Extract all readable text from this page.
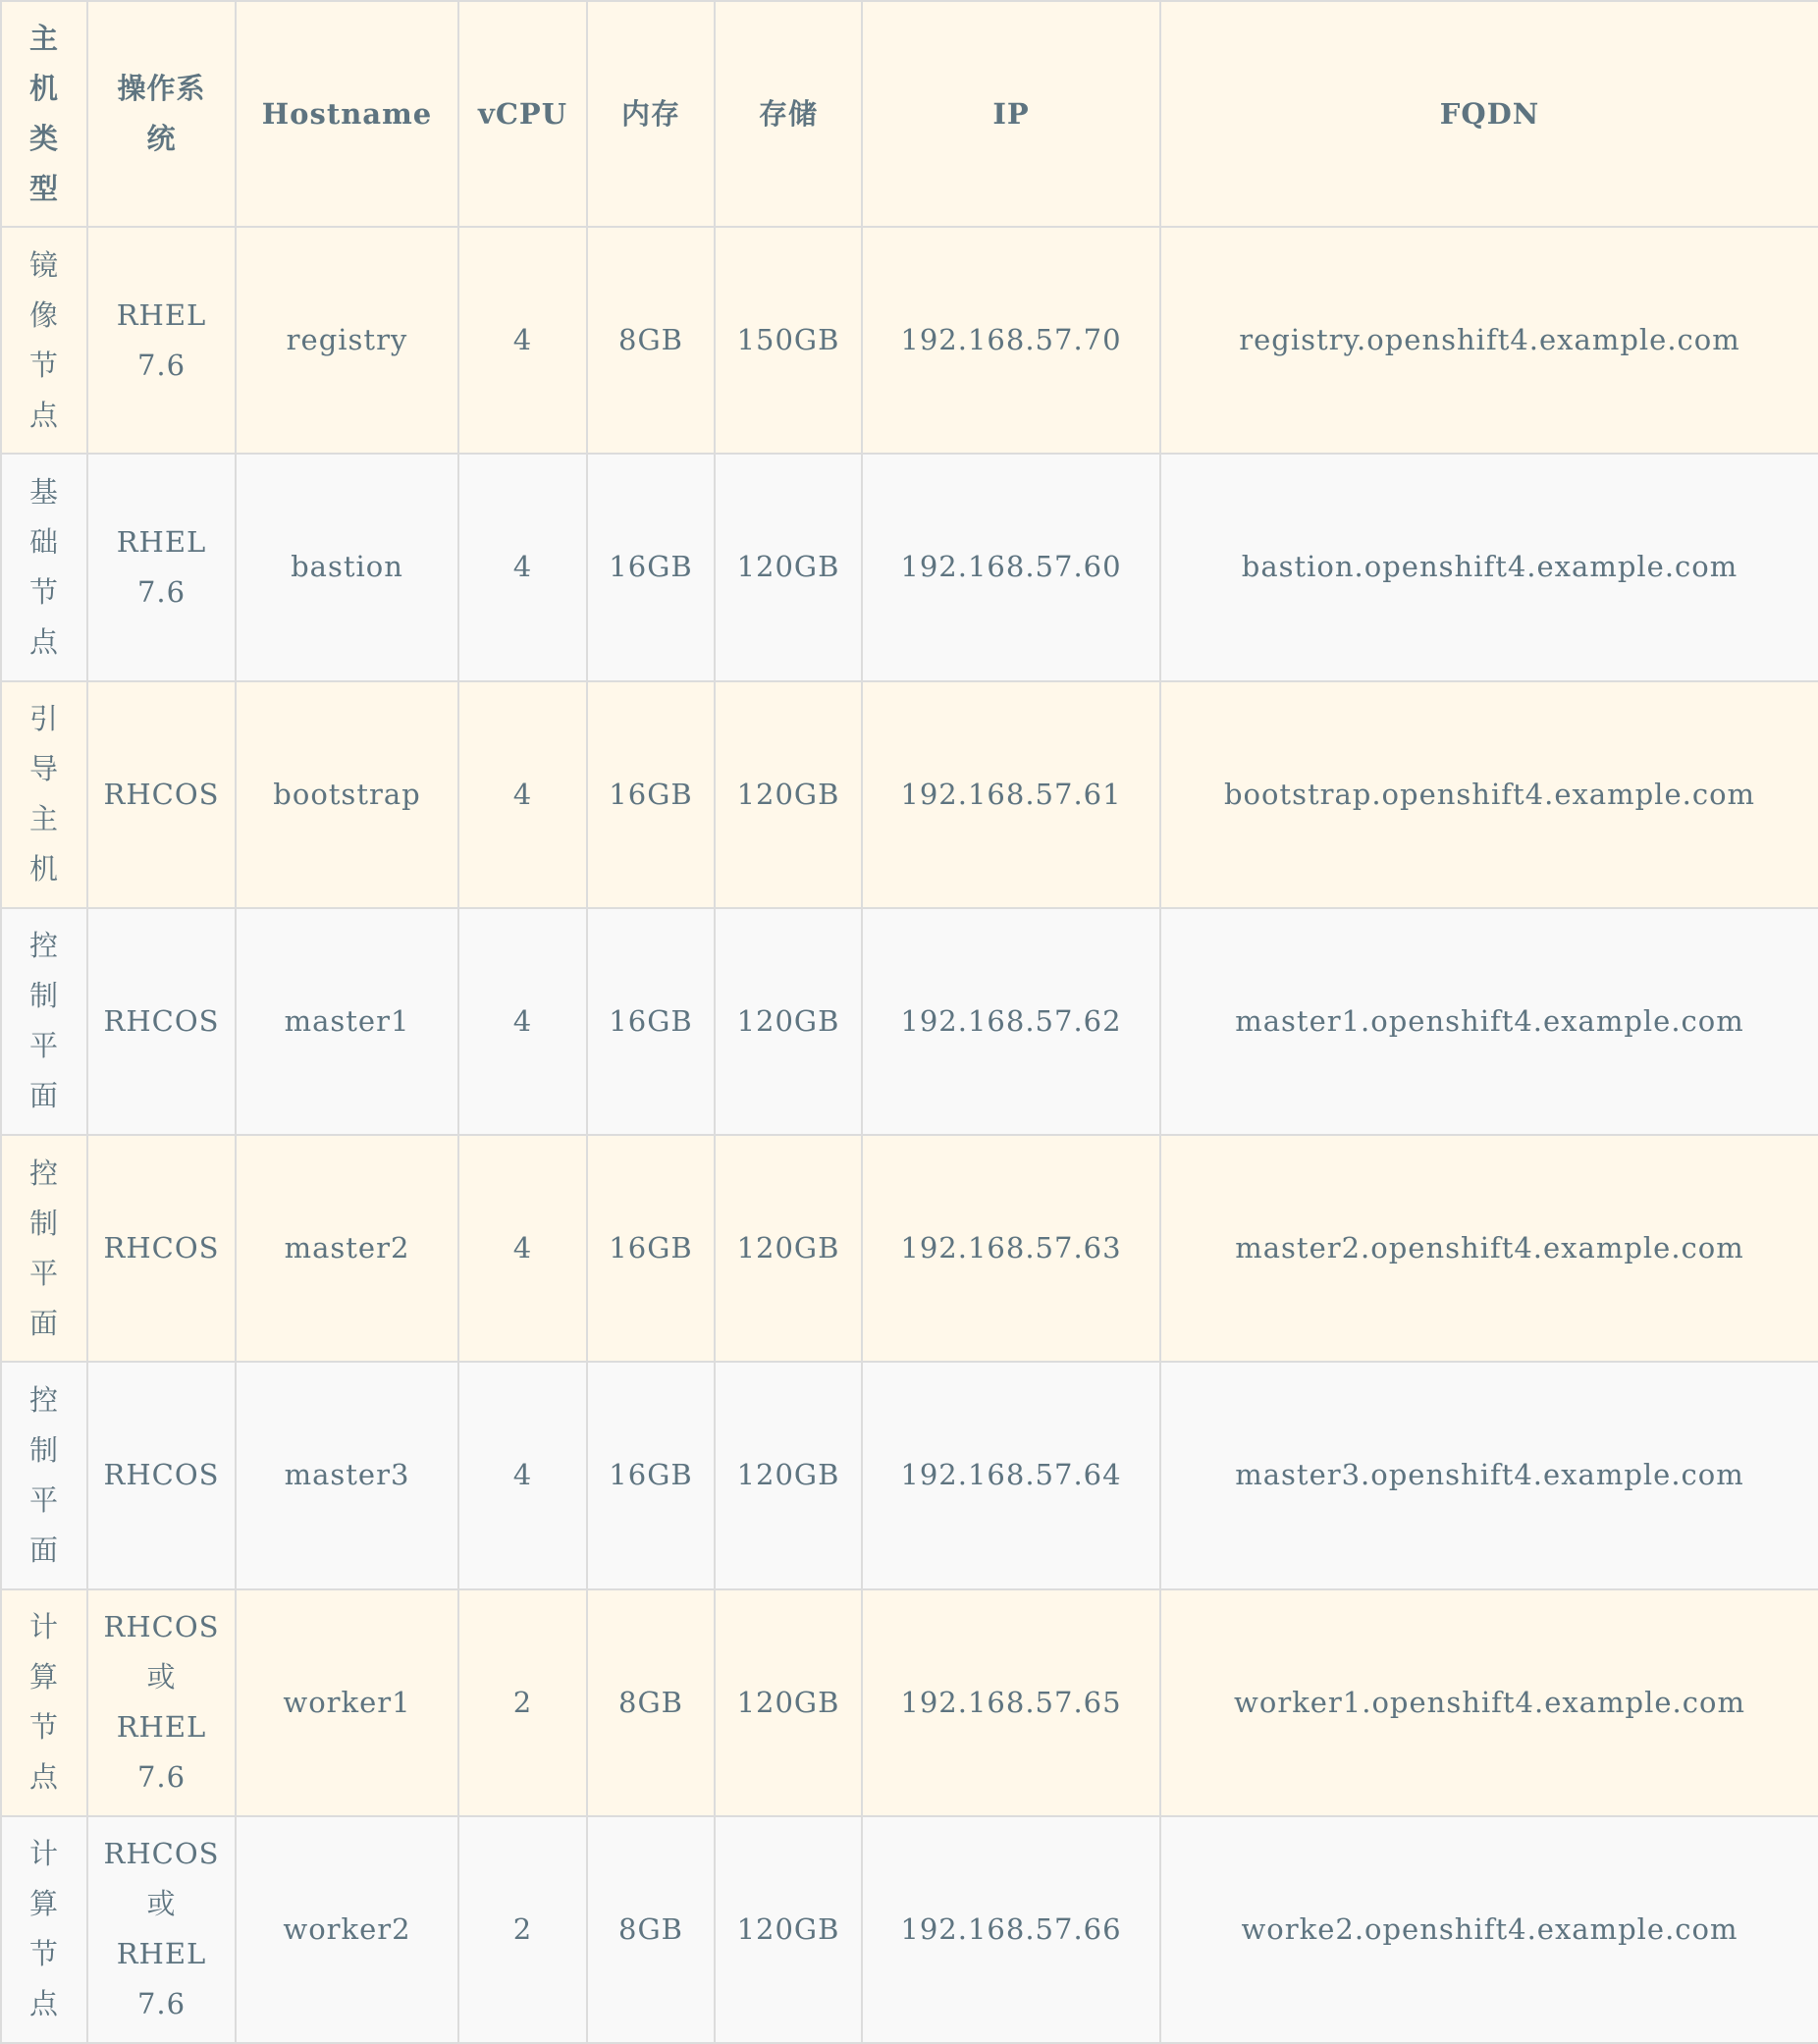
主机类型	操作系统	Hostname	vCPU	内存	存储	IP	FQDN
镜像节点	RHEL 7.6	registry	4	8GB	150GB	192.168.57.70	registry.openshift4.example.com
基础节点	RHEL 7.6	bastion	4	16GB	120GB	192.168.57.60	bastion.openshift4.example.com
引导主机	RHCOS	bootstrap	4	16GB	120GB	192.168.57.61	bootstrap.openshift4.example.com
控制平面	RHCOS	master1	4	16GB	120GB	192.168.57.62	master1.openshift4.example.com
控制平面	RHCOS	master2	4	16GB	120GB	192.168.57.63	master2.openshift4.example.com
控制平面	RHCOS	master3	4	16GB	120GB	192.168.57.64	master3.openshift4.example.com
计算节点	RHCOS 或 RHEL 7.6	worker1	2	8GB	120GB	192.168.57.65	worker1.openshift4.example.com
计算节点	RHCOS 或 RHEL 7.6	worker2	2	8GB	120GB	192.168.57.66	worke2.openshift4.example.com
